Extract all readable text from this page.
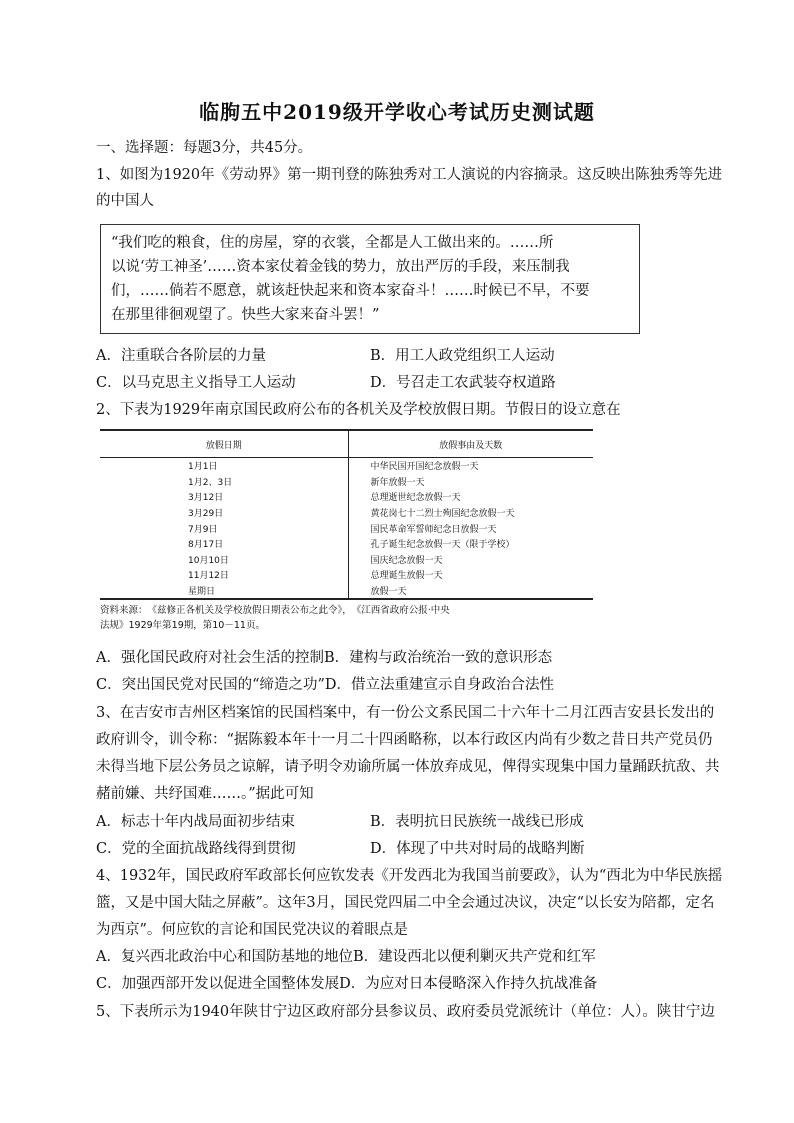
临朐五中2019级开学收心考试历史测试题
一、选择题：每题3分，共45分。
1、如图为1920年《劳动界》第一期刊登的陈独秀对工人演说的内容摘录。这反映出陈独秀等先进
的中国人
“我们吃的粮食，住的房屋，穿的衣裳，全都是人工做出来的。……所
以说‘劳工神圣’……资本家仗着金钱的势力，放出严厉的手段，来压制我
们，……倘若不愿意，就该赶快起来和资本家奋斗！……时候已不早，不要
在那里徘徊观望了。快些大家来奋斗罢！”
A．注重联合各阶层的力量	B．用工人政党组织工人运动
C．以马克思主义指导工人运动	D．号召走工农武装夺权道路
2、下表为1929年南京国民政府公布的各机关及学校放假日期。节假日的设立意在
放假日期	放假事由及天数
1月1日	中华民国开国纪念放假一天
1月2、3日	新年放假一天
3月12日	总理逝世纪念放假一天
3月29日	黄花岗七十二烈士殉国纪念放假一天
7月9日	国民革命军誓师纪念日放假一天
8月17日	孔子诞生纪念放假一天（限于学校）
10月10日	国庆纪念放假一天
11月12日	总理诞生放假一天
星期日	放假一天
资料来源：　《兹修正各机关及学校放假日期表公布之此令》，　《江西省政府公报·中央
法规》1929年第19期，第10－11页。
A．强化国民政府对社会生活的控制B．建构与政治统治一致的意识形态
C．突出国民党对民国的“缔造之功”D．借立法重建宣示自身政治合法性
3、在吉安市吉州区档案馆的民国档案中，有一份公文系民国二十六年十二月江西吉安县长发出的
政府训令，训令称：“据陈毅本年十一月二十四函略称，以本行政区内尚有少数之昔日共产党员仍
未得当地下层公务员之谅解，请予明令劝谕所属一体放弃成见，俾得实现集中国力量踊跃抗敌、共
赭前嫌、共纾国难……。”据此可知
A．标志十年内战局面初步结束	B．表明抗日民族统一战线已形成
C．党的全面抗战路线得到贯彻	D．体现了中共对时局的战略判断
4、1932年，国民政府军政部长何应钦发表《开发西北为我国当前要政》，认为“西北为中华民族摇
篮，又是中国大陆之屏蔽”。这年3月，国民党四届二中全会通过决议，决定“以长安为陪都，定名
为西京”。何应钦的言论和国民党决议的着眼点是
A．复兴西北政治中心和国防基地的地位B．建设西北以便利剿灭共产党和红军
C．加强西部开发以促进全国整体发展D．为应对日本侵略深入作持久抗战准备
5、下表所示为1940年陕甘宁边区政府部分县参议员、政府委员党派统计（单位：人）。陕甘宁边
